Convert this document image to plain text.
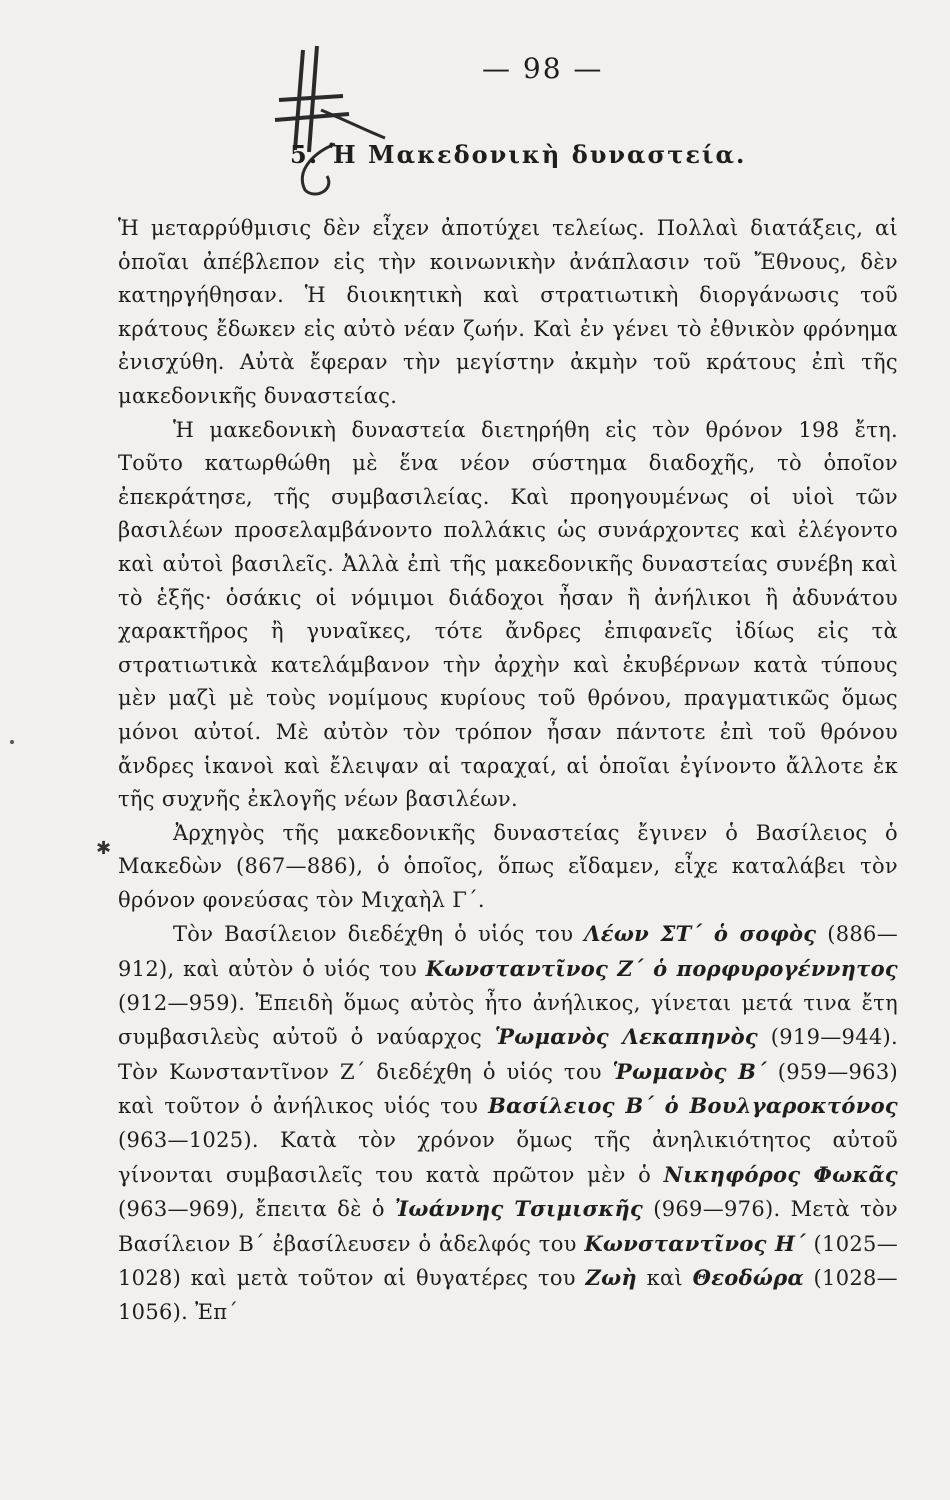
— 98 —
5. Ἡ Μακεδονικὴ δυναστεία.

Ἡ μεταρρύθμισις δὲν εἶχεν ἀποτύχει τελείως. Πολλαὶ διατάξεις, αἱ ὁποῖαι ἀπέβλεπον εἰς τὴν κοινωνικὴν ἀνάπλασιν τοῦ Ἔθνους, δὲν κατηργήθησαν. Ἡ διοικητικὴ καὶ στρατιωτικὴ διοργάνωσις τοῦ κράτους ἔδωκεν εἰς αὐτὸ νέαν ζωήν. Καὶ ἐν γένει τὸ ἐθνικὸν φρόνημα ἐνισχύθη. Αὐτὰ ἔφεραν τὴν μεγίστην ἀκμὴν τοῦ κράτους ἐπὶ τῆς μακεδονικῆς δυναστείας.

Ἡ μακεδονικὴ δυναστεία διετηρήθη εἰς τὸν θρόνον 198 ἔτη. Τοῦτο κατωρθώθη μὲ ἕνα νέον σύστημα διαδοχῆς, τὸ ὁποῖον ἐπεκράτησε, τῆς συμβασιλείας. Καὶ προηγουμένως οἱ υἱοὶ τῶν βασιλέων προσελαμβάνοντο πολλάκις ὡς συνάρχοντες καὶ ἐλέγοντο καὶ αὐτοὶ βασιλεῖς. Ἀλλὰ ἐπὶ τῆς μακεδονικῆς δυναστείας συνέβη καὶ τὸ ἑξῆς· ὁσάκις οἱ νόμιμοι διάδοχοι ἦσαν ἢ ἀνήλικοι ἢ ἀδυνάτου χαρακτῆρος ἢ γυναῖκες, τότε ἄνδρες ἐπιφανεῖς ἰδίως εἰς τὰ στρατιωτικὰ κατελάμβανον τὴν ἀρχὴν καὶ ἐκυβέρνων κατὰ τύπους μὲν μαζὶ μὲ τοὺς νομίμους κυρίους τοῦ θρόνου, πραγματικῶς ὅμως μόνοι αὐτοί. Μὲ αὐτὸν τὸν τρόπον ἦσαν πάντοτε ἐπὶ τοῦ θρόνου ἄνδρες ἱκανοὶ καὶ ἔλειψαν αἱ ταραχαί, αἱ ὁποῖαι ἐγίνοντο ἄλλοτε ἐκ τῆς συχνῆς ἐκλογῆς νέων βασιλέων.

Ἀρχηγὸς τῆς μακεδονικῆς δυναστείας ἔγινεν ὁ Βασίλειος ὁ Μακεδὼν (867—886), ὁ ὁποῖος, ὅπως εἴδαμεν, εἶχε καταλάβει τὸν θρόνον φονεύσας τὸν Μιχαὴλ Γ΄.

Τὸν Βασίλειον διεδέχθη ὁ υἱός του Λέων ΣΤ΄ ὁ σοφὸς (886—912), καὶ αὐτὸν ὁ υἱός του Κωνσταντῖνος Ζ΄ ὁ πορφυρογέννητος (912—959). Ἐπειδὴ ὅμως αὐτὸς ἦτο ἀνήλικος, γίνεται μετά τινα ἔτη συμβασιλεὺς αὐτοῦ ὁ ναύαρχος Ῥωμανὸς Λεκαπηνὸς (919—944). Τὸν Κωνσταντῖνον Ζ΄ διεδέχθη ὁ υἱός του Ῥωμανὸς Β΄ (959—963) καὶ τοῦτον ὁ ἀνήλικος υἱός του Βασίλειος Β΄ ὁ Βουλγαροκτόνος (963—1025). Κατὰ τὸν χρόνον ὅμως τῆς ἀνηλικιότητος αὐτοῦ γίνονται συμβασιλεῖς του κατὰ πρῶτον μὲν ὁ Νικηφόρος Φωκᾶς (963—969), ἔπειτα δὲ ὁ Ἰωάννης Τσιμισκῆς (969—976). Μετὰ τὸν Βασίλειον Β΄ ἐβασίλευσεν ὁ ἀδελφός του Κωνσταντῖνος Η΄ (1025—1028) καὶ μετὰ τοῦτον αἱ θυγατέρες του Ζωὴ καὶ Θεοδώρα (1028—1056). Ἐπ΄

✱
